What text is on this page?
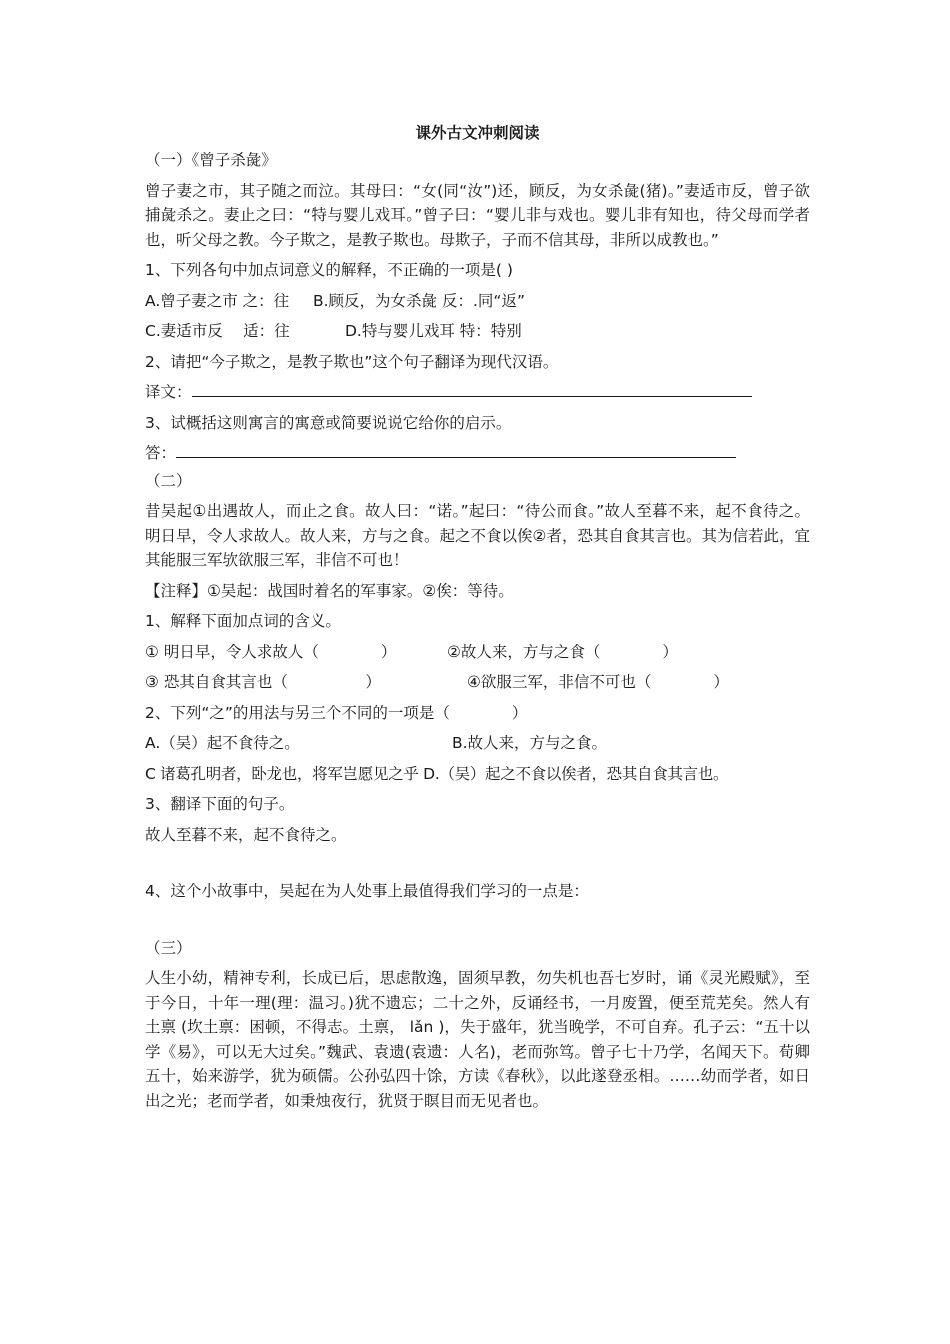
课外古文冲刺阅读

（一）《曾子杀彘》

曾子妻之市，其子随之而泣。其母曰：“女(同“汝”)还，顾反，为女杀彘(猪)。”妻适市反，曾子欲捕彘杀之。妻止之曰：“特与婴儿戏耳。”曾子曰：“婴儿非与戏也。婴儿非有知也，待父母而学者也，听父母之教。今子欺之，是教子欺也。母欺子，子而不信其母，非所以成教也。”

1、下列各句中加点词意义的解释，不正确的一项是( )

A.曾子妻之市 之：往	B.顾反，为女杀彘 反：.同“返”
C.妻适市反　 适：往	D.特与婴儿戏耳 特：特别

2、请把“今子欺之，是教子欺也”这个句子翻译为现代汉语。

译文：

3、试概括这则寓言的寓意或简要说说它给你的启示。

答：

（二）

昔吴起①出遇故人，而止之食。故人曰：“诺。”起曰：“待公而食。”故人至暮不来，起不食待之。明日早，令人求故人。故人来，方与之食。起之不食以俟②者，恐其自食其言也。其为信若此，宜其能服三军欤欲服三军，非信不可也！

【注释】①吴起：战国时着名的军事家。②俟：等待。

1、解释下面加点词的含义。

① 明日早，令人求故人（　　　　）	②故人来，方与之食（　　　　）
③ 恐其自食其言也（　　　　　）	④欲服三军，非信不可也（　　　　）

2、下列“之”的用法与另三个不同的一项是（　　　　）

A.（吴）起不食待之。	B.故人来，方与之食。

C 诸葛孔明者，卧龙也，将军岂愿见之乎 D.（吴）起之不食以俟者，恐其自食其言也。

3、翻译下面的句子。

故人至暮不来，起不食待之。

4、这个小故事中，吴起在为人处事上最值得我们学习的一点是：

（三）

人生小幼，精神专利，长成已后，思虑散逸，固须早教，勿失机也吾七岁时，诵《灵光殿赋》，至于今日，十年一理(理：温习。)犹不遗忘；二十之外，反诵经书，一月废置，便至荒芜矣。然人有土禀 (坎土禀：困顿，不得志。土禀， lǎn )，失于盛年，犹当晚学，不可自弃。孔子云：“五十以学《易》，可以无大过矣。”魏武、袁遗(袁遗：人名)，老而弥笃。曾子七十乃学，名闻天下。荀卿五十，始来游学，犹为硕儒。公孙弘四十馀，方读《春秋》，以此遂登丞相。……幼而学者，如日出之光；老而学者，如秉烛夜行，犹贤于瞑目而无见者也。
